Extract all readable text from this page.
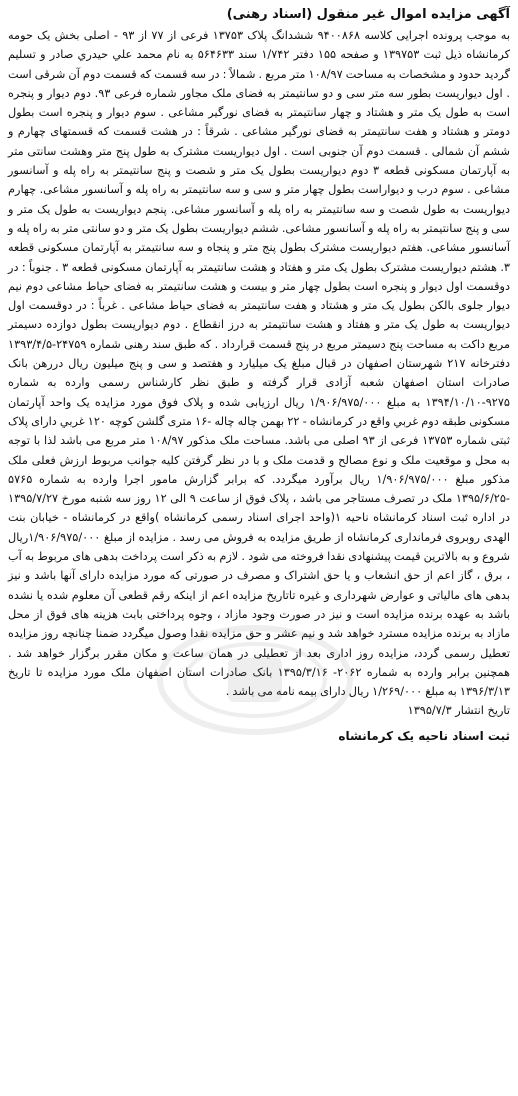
آگهی مزایده اموال غیر منقول (اسناد رهنی)

به موجب پرونده اجرایی کلاسه ۹۴۰۰۸۶۸ ششدانگ پلاک ۱۳۷۵۳ فرعی از ۷۷ از ۹۳ - اصلی بخش یک حومه کرمانشاه ذیل ثبت ۱۳۹۷۵۳ و صفحه ۱۵۵ دفتر ۱/۷۴۲ سند ۵۶۴۶۳۳ به نام محمد علي حيدري صادر و تسلیم گردید حدود و مشخصات به مساحت ۱۰۸/۹۷ متر مربع . شمالاً : در سه قسمت که قسمت دوم آن شرقی است . اول دیواریست بطور سه متر سی و دو سانتیمتر به فضای ملک مجاور شماره فرعی ۹۳. دوم دیوار و پنجره است به طول یک متر و هشتاد و چهار سانتیمتر به فضای نورگیر مشاعی . سوم دیوار و پنجره است بطول دومتر و هشتاد و هفت سانتیمتر به فضای نورگیر مشاعی . شرقاً : در هشت قسمت که قسمتهای چهارم و ششم آن شمالی . قسمت دوم آن جنوبی است . اول دیواریست مشترک به طول پنج متر وهشت سانتی متر به آپارتمان مسکونی قطعه ۳ دوم دیواریست بطول یک متر و شصت و پنج سانتیمتر به راه پله و آسانسور مشاعی . سوم درب و دیواراست بطول چهار متر و سی و سه سانتیمتر به راه پله و آسانسور مشاعی. چهارم دیواریست به طول شصت و سه سانتیمتر به راه پله و آسانسور مشاعی. پنجم دیواریست به طول یک متر و سی و پنج سانتیمتر به راه پله و آسانسور مشاعی. ششم دیواریست بطول یک متر و دو سانتی متر به راه پله و آسانسور مشاعی. هفتم دیواریست مشترک بطول پنج متر و پنجاه و سه سانتیمتر به آپارتمان مسکونی قطعه ۳. هشتم دیواریست مشترک بطول یک متر و هفتاد و هشت سانتیمتر به آپارتمان مسکونی قطعه ۳ . جنوباً : در دوقسمت اول دیوار و پنجره است بطول چهار متر و بیست و هشت سانتیمتر به فضای حیاط مشاعی دوم نیم دیوار جلوی بالکن بطول یک متر و هشتاد و هفت سانتیمتر به فضای حیاط مشاعی . غرباً : در دوقسمت اول دیواریست به طول یک متر و هفتاد و هشت سانتیمتر به درز انقطاع . دوم دیواریست بطول دوازده دسیمتر مربع داکت به مساحت پنج دسیمتر مربع در پنج قسمت قرارداد . که طبق سند رهنی شماره ۲۴۷۵۹-۱۳۹۳/۴/۵ دفترخانه ۲۱۷ شهرستان اصفهان در قبال مبلغ یک میلیارد و هفتصد و سی و پنج میلیون ریال دررهن بانک صادرات استان اصفهان شعبه آزادی قرار گرفته و طبق نظر کارشناس رسمی وارده به شماره ۹۲۷۵-۱۳۹۴/۱۰/۱۰ به مبلغ ۱/۹۰۶/۹۷۵/۰۰۰ ریال ارزیابی شده و پلاک فوق مورد مزایده یک واحد آپارتمان مسکونی طبقه دوم غربي واقع در کرمانشاه - ۲۲ بهمن چاله چاله -۱۶ متری گلشن کوچه ۱۲۰ غربي دارای پلاک ثبتی شماره ۱۳۷۵۳ فرعی از ۹۳ اصلی می باشد. مساحت ملک مذکور ۱۰۸/۹۷ متر مربع می باشد لذا با توجه به محل و موقعیت ملک و نوع مصالح و قدمت ملک و با در نظر گرفتن کلیه جوانب مربوط ارزش فعلی ملک مذکور مبلغ ۱/۹۰۶/۹۷۵/۰۰۰ ریال برآورد میگردد. که برابر گزارش مامور اجرا وارده به شماره ۵۷۶۵ -۱۳۹۵/۶/۲۵ ملک در تصرف مستاجر می باشد ، پلاک فوق از ساعت ۹ الی ۱۲ روز سه شنبه مورخ ۱۳۹۵/۷/۲۷ در اداره ثبت اسناد کرمانشاه ناحیه ۱(واحد اجرای اسناد رسمی کرمانشاه )واقع در کرمانشاه - خیابان بنت الهدی روبروی فرمانداری کرمانشاه از طریق مزایده به فروش می رسد . مزایده از مبلغ ۱/۹۰۶/۹۷۵/۰۰۰ریال شروع و به بالاترین قیمت پیشنهادی نقدا فروخته می شود . لازم به ذکر است پرداخت بدهی های مربوط به آب ، برق ، گاز اعم از حق انشعاب و یا حق اشتراک و مصرف در صورتی که مورد مزایده دارای آنها باشد و نیز بدهی های مالیاتی و عوارض شهرداری و غیره تاتاریخ مزایده اعم از اینکه رقم قطعی آن معلوم شده یا نشده باشد به عهده برنده مزایده است و نیز در صورت وجود مازاد ، وجوه پرداختی بابت هزینه های فوق از محل مازاد به برنده مزایده مسترد خواهد شد و نیم عشر و حق مزایده نقدا وصول میگردد ضمنا چنانچه روز مزایده تعطیل رسمی گردد، مزایده روز اداری بعد از تعطیلی در همان ساعت و مکان مقرر برگزار خواهد شد . همچنین برابر وارده به شماره ۲۰۶۲- ۱۳۹۵/۳/۱۶ بانک صادرات استان اصفهان ملک مورد مزایده تا تاریخ ۱۳۹۶/۳/۱۳ به مبلغ ۱/۲۶۹/۰۰۰ ریال دارای بیمه نامه می باشد .

تاریخ انتشار ۱۳۹۵/۷/۳

ثبت اسناد ناحیه یک کرمانشاه
